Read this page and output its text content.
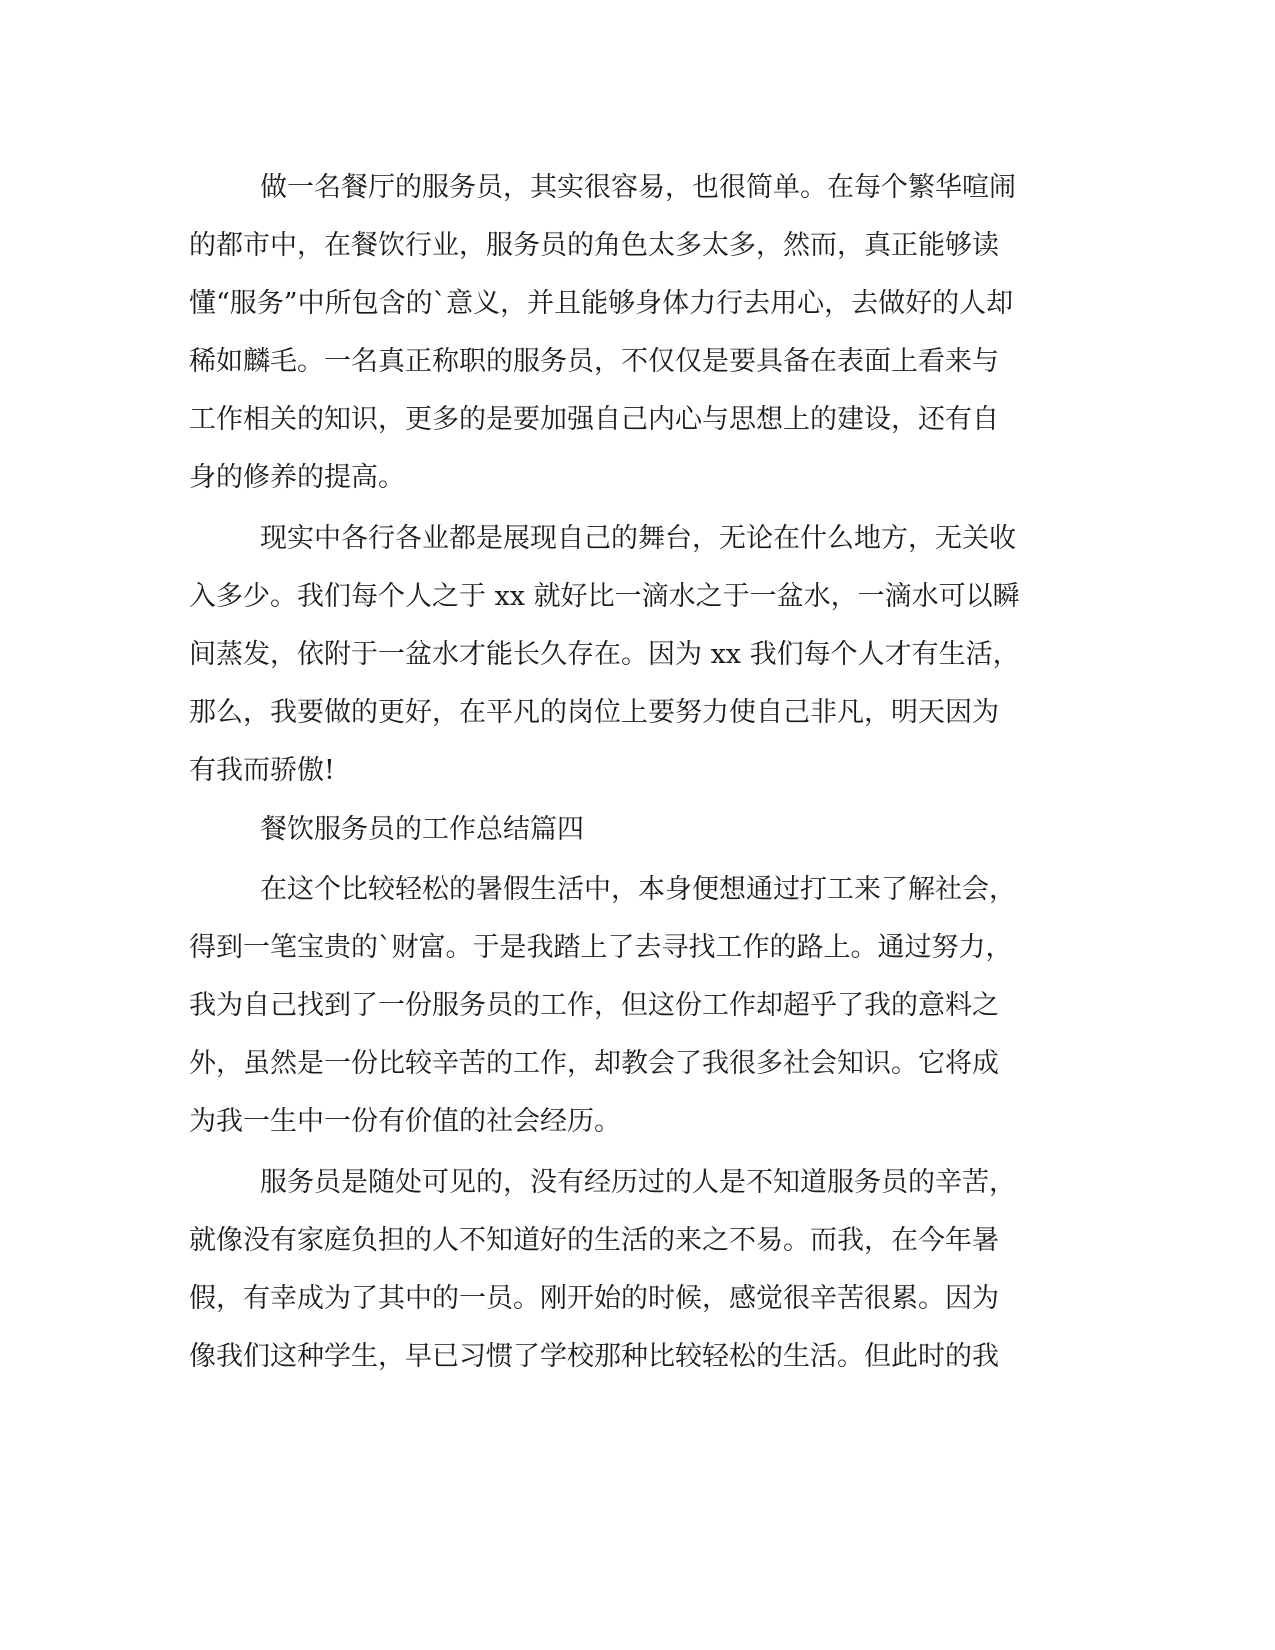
做一名餐厅的服务员，其实很容易，也很简单。在每个繁华喧闹

的都市中，在餐饮行业，服务员的角色太多太多，然而，真正能够读

懂“服务”中所包含的`意义，并且能够身体力行去用心，去做好的人却

稀如麟毛。一名真正称职的服务员，不仅仅是要具备在表面上看来与

工作相关的知识，更多的是要加强自己内心与思想上的建设，还有自

身的修养的提高。

现实中各行各业都是展现自己的舞台，无论在什么地方，无关收

入多少。我们每个人之于 xx 就好比一滴水之于一盆水，一滴水可以瞬

间蒸发，依附于一盆水才能长久存在。因为 xx 我们每个人才有生活，

那么，我要做的更好，在平凡的岗位上要努力使自己非凡，明天因为

有我而骄傲!

餐饮服务员的工作总结篇四

在这个比较轻松的暑假生活中，本身便想通过打工来了解社会，

得到一笔宝贵的`财富。于是我踏上了去寻找工作的路上。通过努力，

我为自己找到了一份服务员的工作，但这份工作却超乎了我的意料之

外，虽然是一份比较辛苦的工作，却教会了我很多社会知识。它将成

为我一生中一份有价值的社会经历。

服务员是随处可见的，没有经历过的人是不知道服务员的辛苦，

就像没有家庭负担的人不知道好的生活的来之不易。而我，在今年暑

假，有幸成为了其中的一员。刚开始的时候，感觉很辛苦很累。因为

像我们这种学生，早已习惯了学校那种比较轻松的生活。但此时的我
